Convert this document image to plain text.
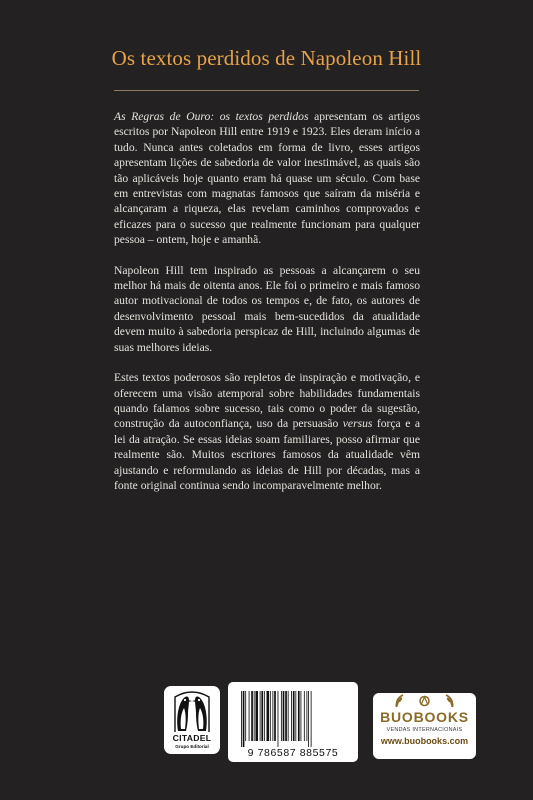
Os textos perdidos de Napoleon Hill

As Regras de Ouro: os textos perdidos apresentam os artigos escritos por Napoleon Hill entre 1919 e 1923. Eles deram início a tudo. Nunca antes coletados em forma de livro, esses artigos apresentam lições de sabedoria de valor inestimável, as quais são tão aplicáveis hoje quanto eram há quase um século. Com base em entrevistas com magnatas famosos que saíram da miséria e alcançaram a riqueza, elas revelam caminhos comprovados e eficazes para o sucesso que realmente funcionam para qualquer pessoa – ontem, hoje e amanhã.

Napoleon Hill tem inspirado as pessoas a alcançarem o seu melhor há mais de oitenta anos. Ele foi o primeiro e mais famoso autor motivacional de todos os tempos e, de fato, os autores de desenvolvimento pessoal mais bem-sucedidos da atualidade devem muito à sabedoria perspicaz de Hill, incluindo algumas de suas melhores ideias.

Estes textos poderosos são repletos de inspiração e motivação, e oferecem uma visão atemporal sobre habilidades fundamentais quando falamos sobre sucesso, tais como o poder da sugestão, construção da autoconfiança, uso da persuasão versus força e a lei da atração. Se essas ideias soam familiares, posso afirmar que realmente são. Muitos escritores famosos da atualidade vêm ajustando e reformulando as ideias de Hill por décadas, mas a fonte original continua sendo incomparavelmente melhor.

CITADEL
Grupo Editorial
9 786587 885575
BUOBOOKS
VENDAS INTERNACIONAIS
www.buobooks.com
